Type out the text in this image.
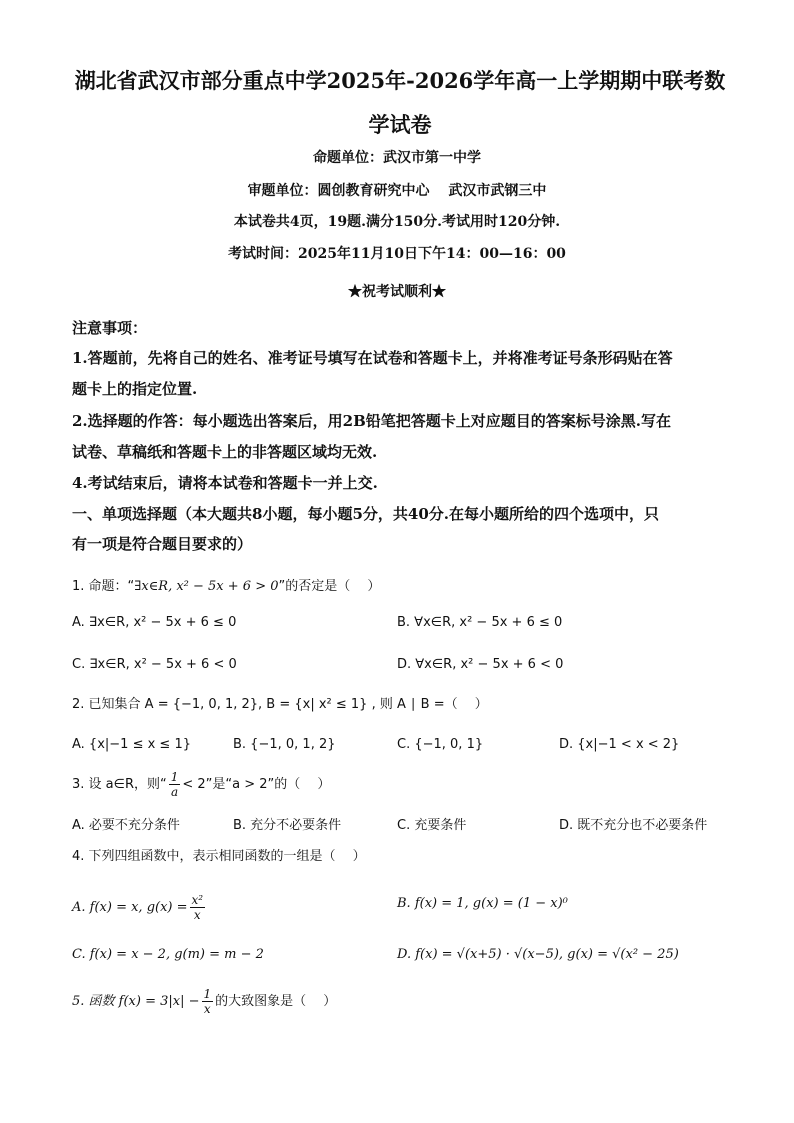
湖北省武汉市部分重点中学2025年-2026学年高一上学期期中联考数
学试卷
命题单位：武汉市第一中学
审题单位：圆创教育研究中心　 武汉市武钢三中
本试卷共4页，19题.满分150分.考试用时120分钟.
考试时间：2025年11月10日下午14：00—16：00
★祝考试顺利★
注意事项：
1.答题前，先将自己的姓名、准考证号填写在试卷和答题卡上，并将准考证号条形码贴在答
题卡上的指定位置.
2.选择题的作答：每小题选出答案后，用2B铅笔把答题卡上对应题目的答案标号涂黑.写在
试卷、草稿纸和答题卡上的非答题区域均无效.
4.考试结束后，请将本试卷和答题卡一并上交.
一、单项选择题（本大题共8小题，每小题5分，共40分.在每小题所给的四个选项中，只
有一项是符合题目要求的）
1. 命题：“∃x∈R, x² − 5x + 6 > 0”的否定是（　 ）
A. ∃x∈R, x² − 5x + 6 ≤ 0	B. ∀x∈R, x² − 5x + 6 ≤ 0
C. ∃x∈R, x² − 5x + 6 < 0	D. ∀x∈R, x² − 5x + 6 < 0
2. 已知集合 A = {−1, 0, 1, 2}, B = {x| x² ≤ 1} , 则 A ∣ B =（　 ）
A. {x|−1 ≤ x ≤ 1}	B. {−1, 0, 1, 2}	C. {−1, 0, 1}	D. {x|−1 < x < 2}
3. 设 a∈R，则“ $\frac{1}{a} < 2$”是“a > 2”的（　 ）
A. 必要不充分条件	B. 充分不必要条件	C. 充要条件	D. 既不充分也不必要条件
4. 下列四组函数中，表示相同函数的一组是（　 ）
A. f(x) = x, $g(x) = \frac{\text{x²}}{x}$	B. f(x) = 1, g(x) = (1 − x)⁰
C. f(x) = x − 2, g(m) = m − 2	D. f(x) = √(x+5) · √(x−5), g(x) = √(x² − 25)
5. 函数 $f(x) = 3|x| - \frac{1}{x}$ 的大致图象是（　 ）
